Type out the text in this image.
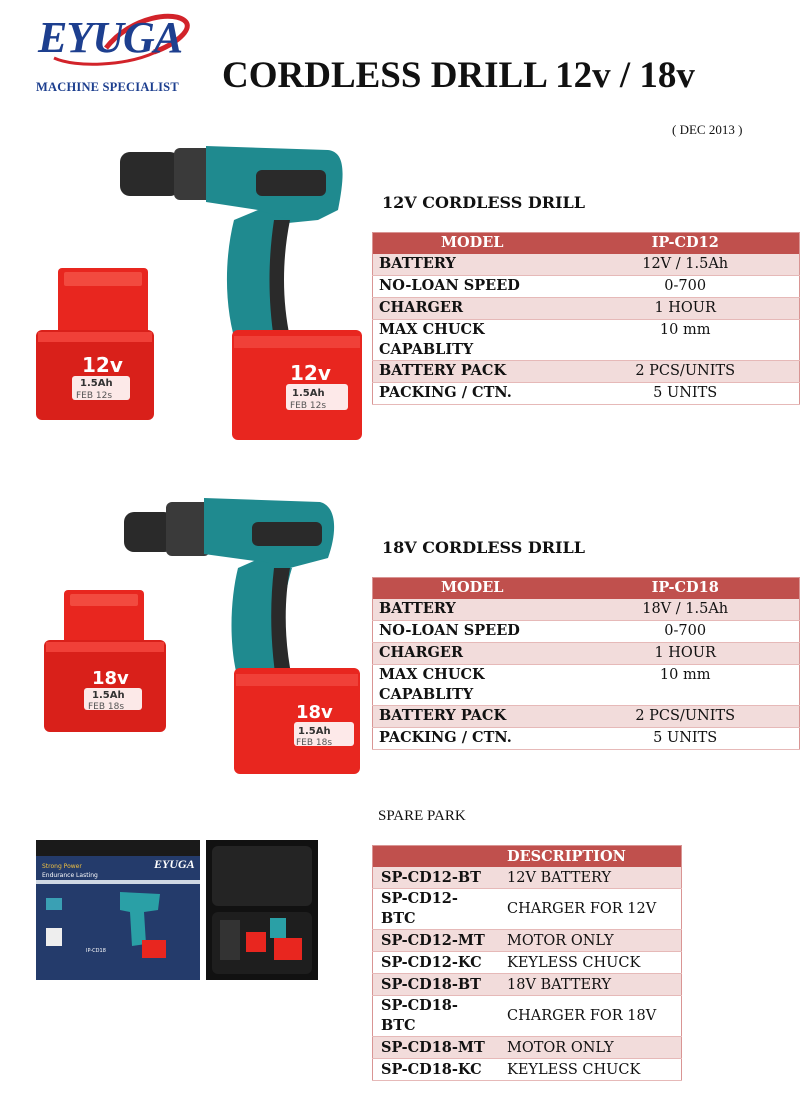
EYUGA
MACHINE SPECIALIST CORDLESS DRILL 12v / 18v
( DEC 2013 )
12v
1.5Ah
FEB 12s
12v
1.5Ah
FEB 12s
12V CORDLESS DRILL
MODEL	IP-CD12
BATTERY	12V / 1.5Ah
NO-LOAN SPEED	0-700
CHARGER	1 HOUR
MAX CHUCK CAPABLITY	10 mm
BATTERY PACK	2 PCS/UNITS
PACKING / CTN.	5 UNITS
18v
1.5Ah
FEB 18s	18v
1.5Ah
FEB 18s
18V CORDLESS DRILL
MODEL	IP-CD18
BATTERY	18V / 1.5Ah
NO-LOAN SPEED	0-700
CHARGER	1 HOUR
MAX CHUCK CAPABLITY	10 mm
BATTERY PACK	2 PCS/UNITS
PACKING / CTN.	5 UNITS
Strong Power
Endurance Lasting
EYUGA
IP-CD18
SPARE PARK
	DESCRIPTION
SP-CD12-BT	12V BATTERY
SP-CD12-BTC	CHARGER FOR 12V
SP-CD12-MT	MOTOR ONLY
SP-CD12-KC	KEYLESS CHUCK
SP-CD18-BT	18V BATTERY
SP-CD18-BTC	CHARGER FOR 18V
SP-CD18-MT	MOTOR ONLY
SP-CD18-KC	KEYLESS CHUCK
